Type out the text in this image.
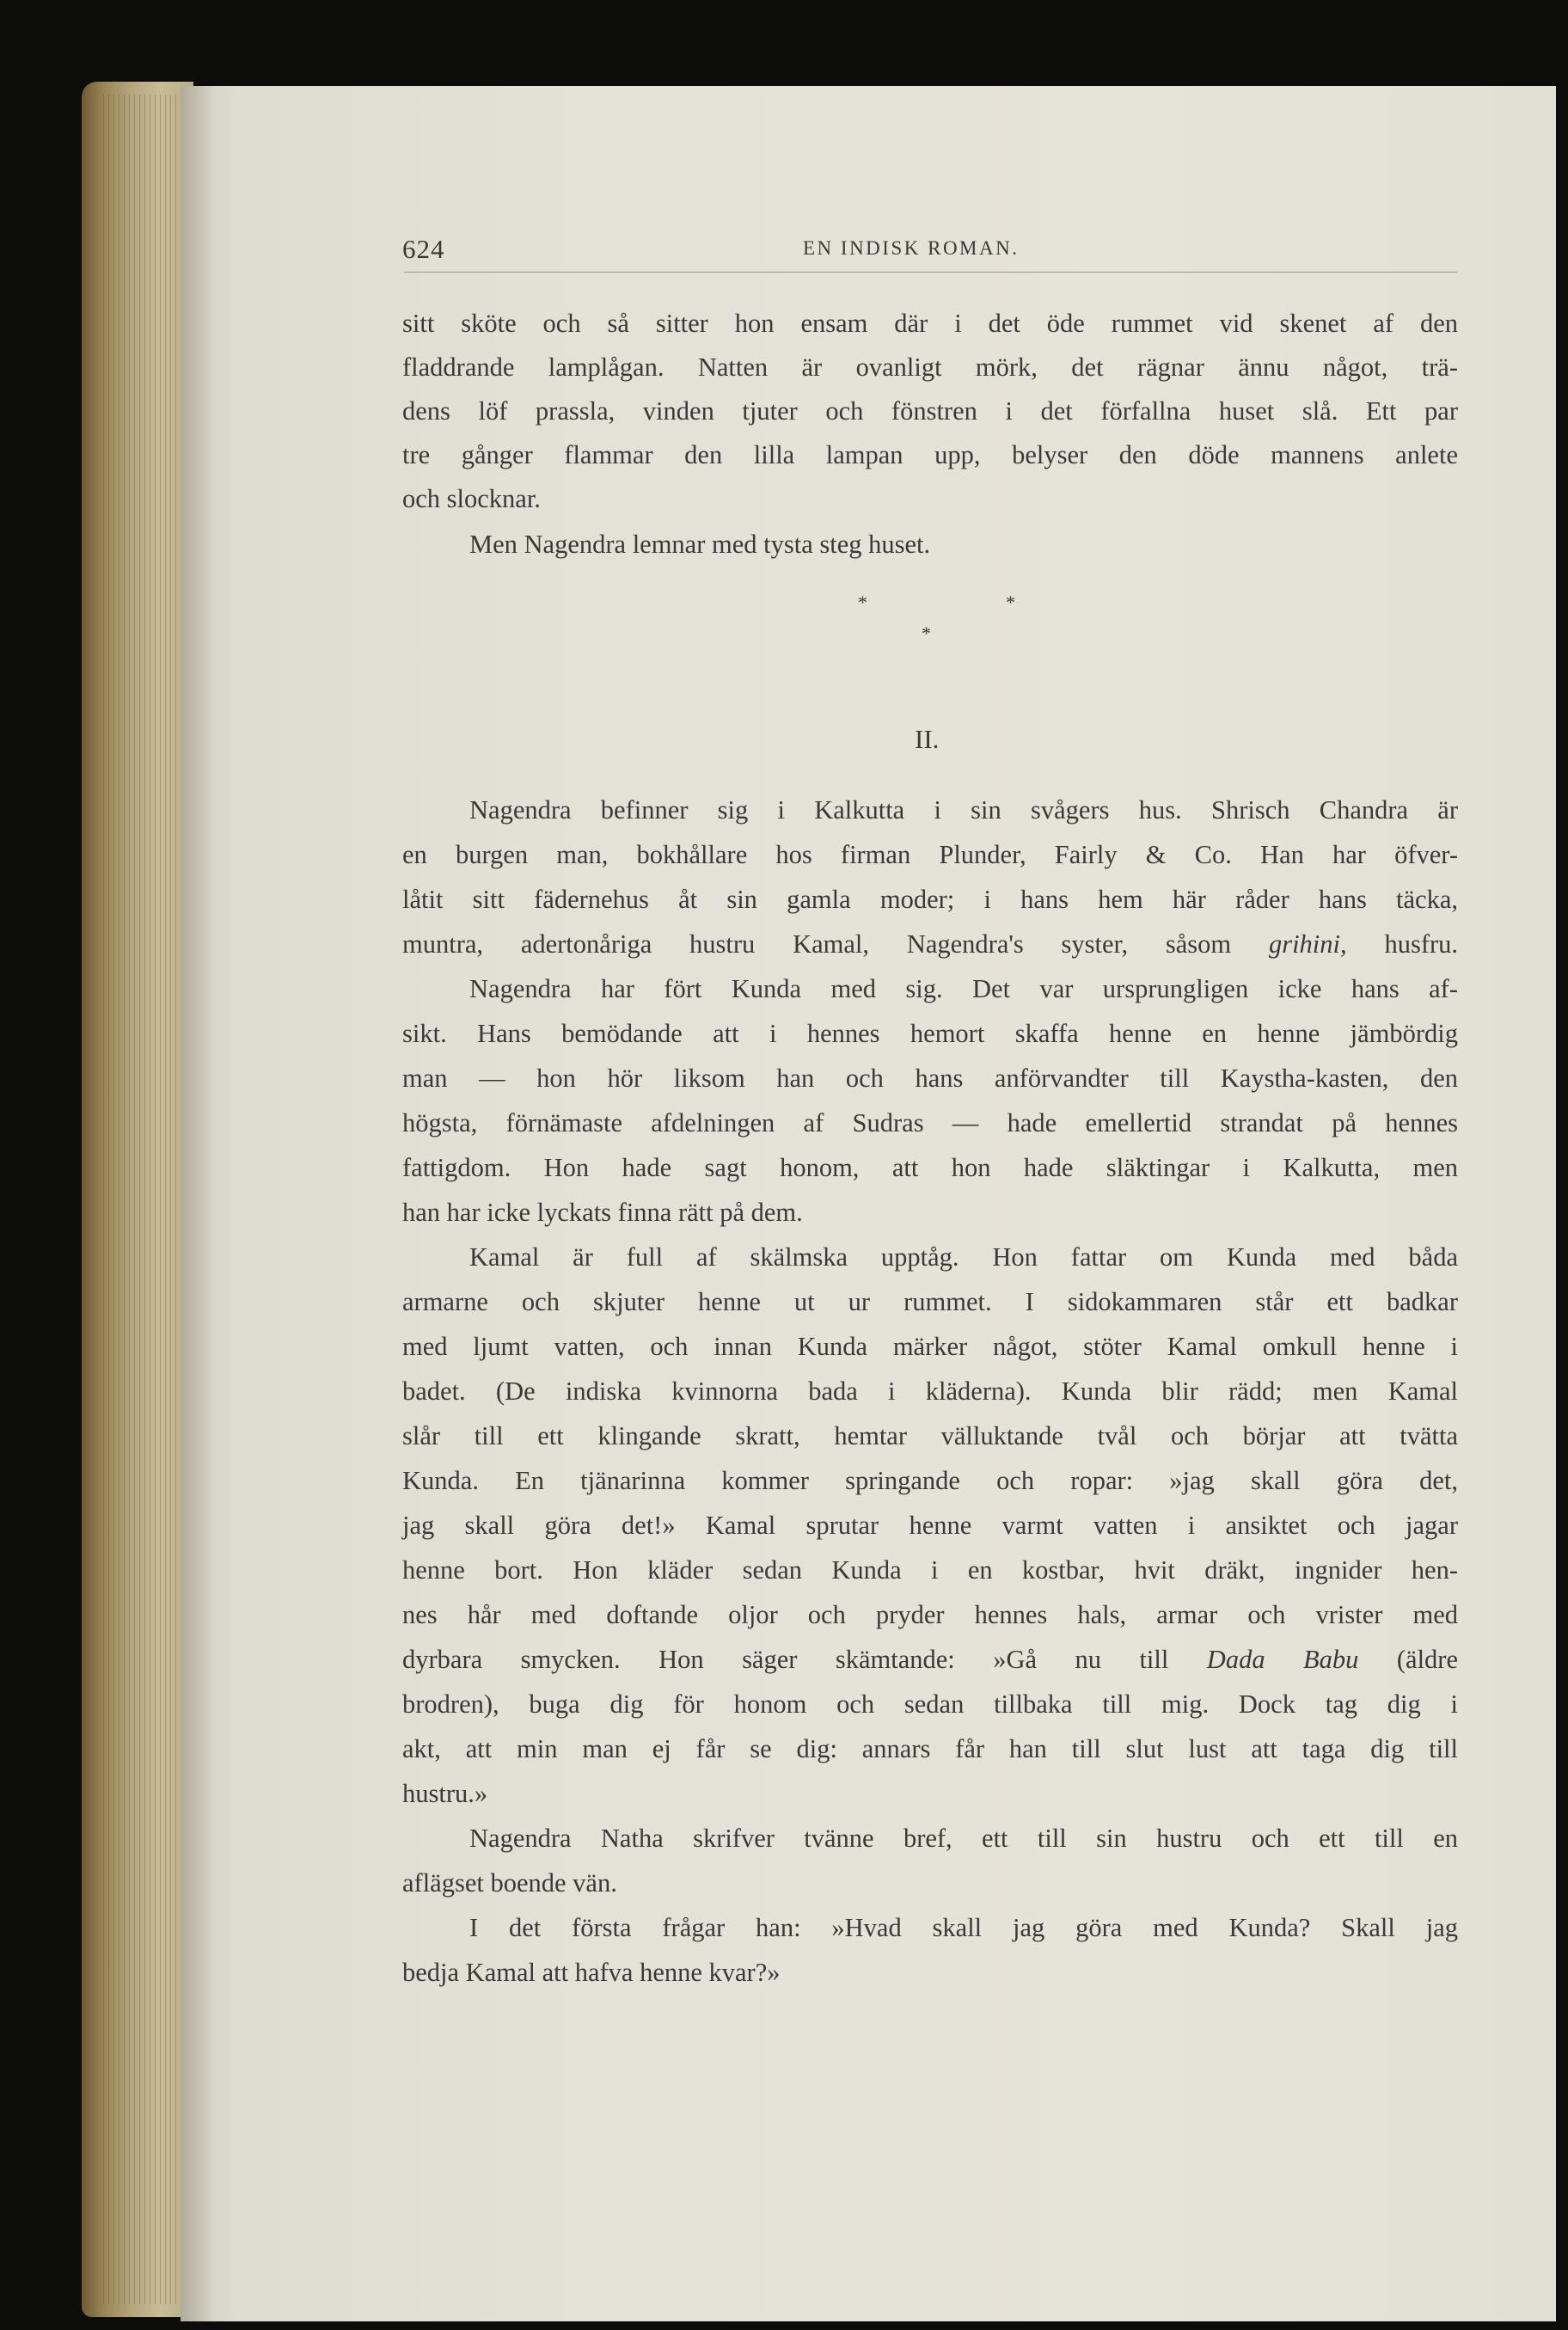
624	EN INDISK ROMAN.
sitt sköte och så sitter hon ensam där i det öde rummet vid skenet af den
fladdrande lamplågan. Natten är ovanligt mörk, det rägnar ännu något, trä-
dens löf prassla, vinden tjuter och fönstren i det förfallna huset slå. Ett par
tre gånger flammar den lilla lampan upp, belyser den döde mannens anlete
och slocknar.
Men Nagendra lemnar med tysta steg huset.
*	*
*
II.
Nagendra befinner sig i Kalkutta i sin svågers hus. Shrisch Chandra är
en burgen man, bokhållare hos firman Plunder, Fairly & Co. Han har öfver-
låtit sitt fädernehus åt sin gamla moder; i hans hem här råder hans täcka,
muntra, adertonåriga hustru Kamal, Nagendra's syster, såsom grihini, husfru.
Nagendra har fört Kunda med sig. Det var ursprungligen icke hans af-
sikt. Hans bemödande att i hennes hemort skaffa henne en henne jämbördig
man — hon hör liksom han och hans anförvandter till Kaystha-kasten, den
högsta, förnämaste afdelningen af Sudras — hade emellertid strandat på hennes
fattigdom. Hon hade sagt honom, att hon hade släktingar i Kalkutta, men
han har icke lyckats finna rätt på dem.
Kamal är full af skälmska upptåg. Hon fattar om Kunda med båda
armarne och skjuter henne ut ur rummet. I sidokammaren står ett badkar
med ljumt vatten, och innan Kunda märker något, stöter Kamal omkull henne i
badet. (De indiska kvinnorna bada i kläderna). Kunda blir rädd; men Kamal
slår till ett klingande skratt, hemtar välluktande tvål och börjar att tvätta
Kunda. En tjänarinna kommer springande och ropar: »jag skall göra det,
jag skall göra det!» Kamal sprutar henne varmt vatten i ansiktet och jagar
henne bort. Hon kläder sedan Kunda i en kostbar, hvit dräkt, ingnider hen-
nes hår med doftande oljor och pryder hennes hals, armar och vrister med
dyrbara smycken. Hon säger skämtande: »Gå nu till Dada Babu (äldre
brodren), buga dig för honom och sedan tillbaka till mig. Dock tag dig i
akt, att min man ej får se dig: annars får han till slut lust att taga dig till
hustru.»
Nagendra Natha skrifver tvänne bref, ett till sin hustru och ett till en
aflägset boende vän.
I det första frågar han: »Hvad skall jag göra med Kunda? Skall jag
bedja Kamal att hafva henne kvar?»
